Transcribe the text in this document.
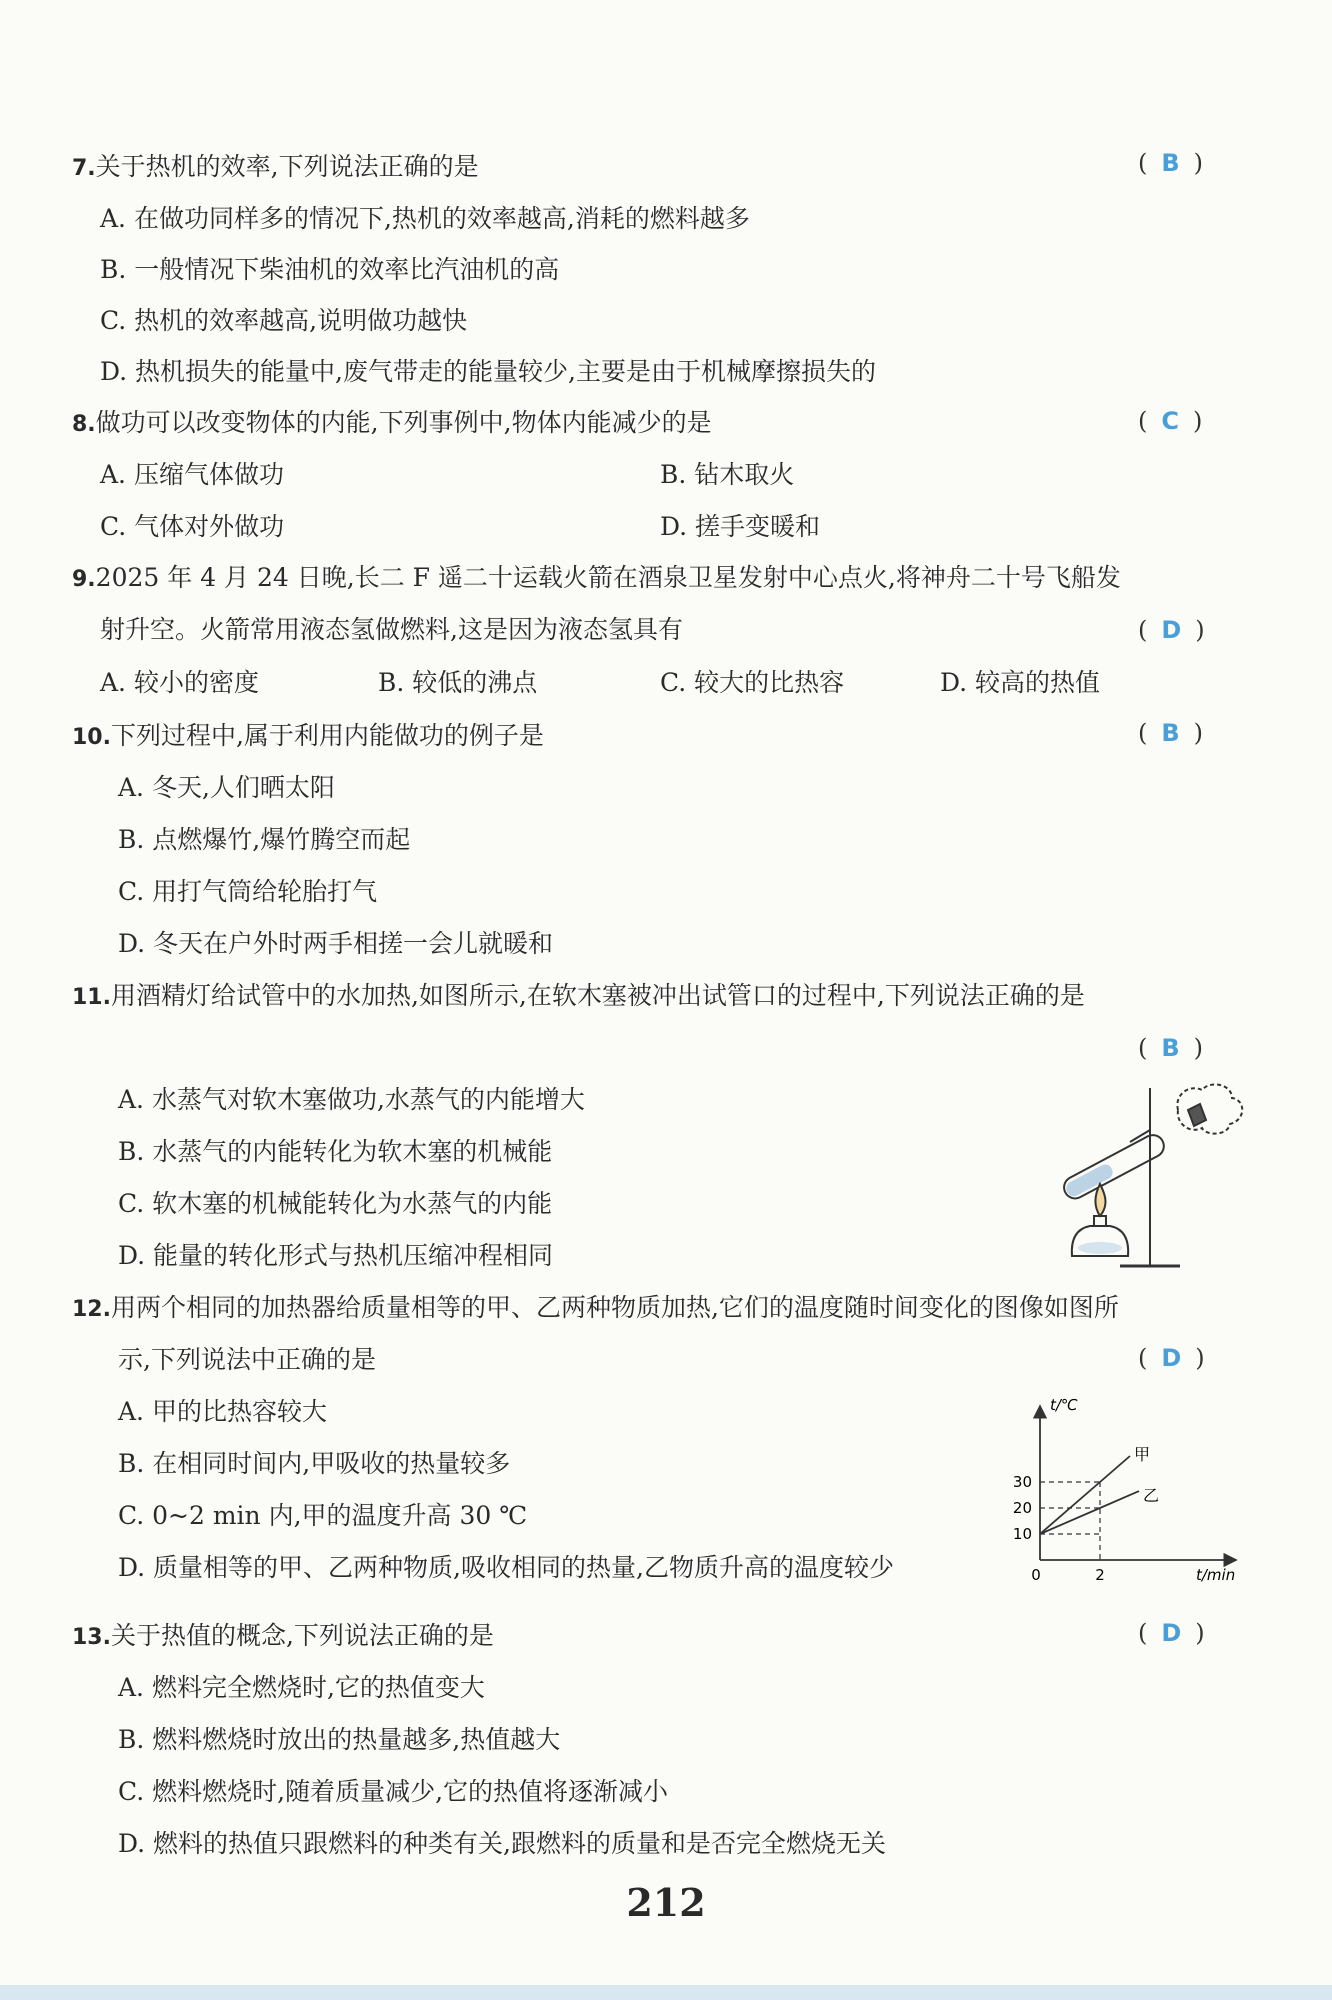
7.关于热机的效率,下列说法正确的是	( B )
A. 在做功同样多的情况下,热机的效率越高,消耗的燃料越多
B. 一般情况下柴油机的效率比汽油机的高
C. 热机的效率越高,说明做功越快
D. 热机损失的能量中,废气带走的能量较少,主要是由于机械摩擦损失的
8.做功可以改变物体的内能,下列事例中,物体内能减少的是	( C )
A. 压缩气体做功	B. 钻木取火
C. 气体对外做功	D. 搓手变暖和
9.2025 年 4 月 24 日晚,长二 F 遥二十运载火箭在酒泉卫星发射中心点火,将神舟二十号飞船发
射升空。火箭常用液态氢做燃料,这是因为液态氢具有	( D )
A. 较小的密度	B. 较低的沸点	C. 较大的比热容	D. 较高的热值
10.下列过程中,属于利用内能做功的例子是	( B )
A. 冬天,人们晒太阳
B. 点燃爆竹,爆竹腾空而起
C. 用打气筒给轮胎打气
D. 冬天在户外时两手相搓一会儿就暖和
11.用酒精灯给试管中的水加热,如图所示,在软木塞被冲出试管口的过程中,下列说法正确的是
( B )
A. 水蒸气对软木塞做功,水蒸气的内能增大
B. 水蒸气的内能转化为软木塞的机械能
C. 软木塞的机械能转化为水蒸气的内能
D. 能量的转化形式与热机压缩冲程相同
12.用两个相同的加热器给质量相等的甲、乙两种物质加热,它们的温度随时间变化的图像如图所
示,下列说法中正确的是	( D )
A. 甲的比热容较大
B. 在相同时间内,甲吸收的热量较多
C. 0~2 min 内,甲的温度升高 30 ℃
D. 质量相等的甲、乙两种物质,吸收相同的热量,乙物质升高的温度较少	0
10
20
30
2
甲
乙
t/℃
t/min
13.关于热值的概念,下列说法正确的是	( D )
A. 燃料完全燃烧时,它的热值变大
B. 燃料燃烧时放出的热量越多,热值越大
C. 燃料燃烧时,随着质量减少,它的热值将逐渐减小
D. 燃料的热值只跟燃料的种类有关,跟燃料的质量和是否完全燃烧无关
212
